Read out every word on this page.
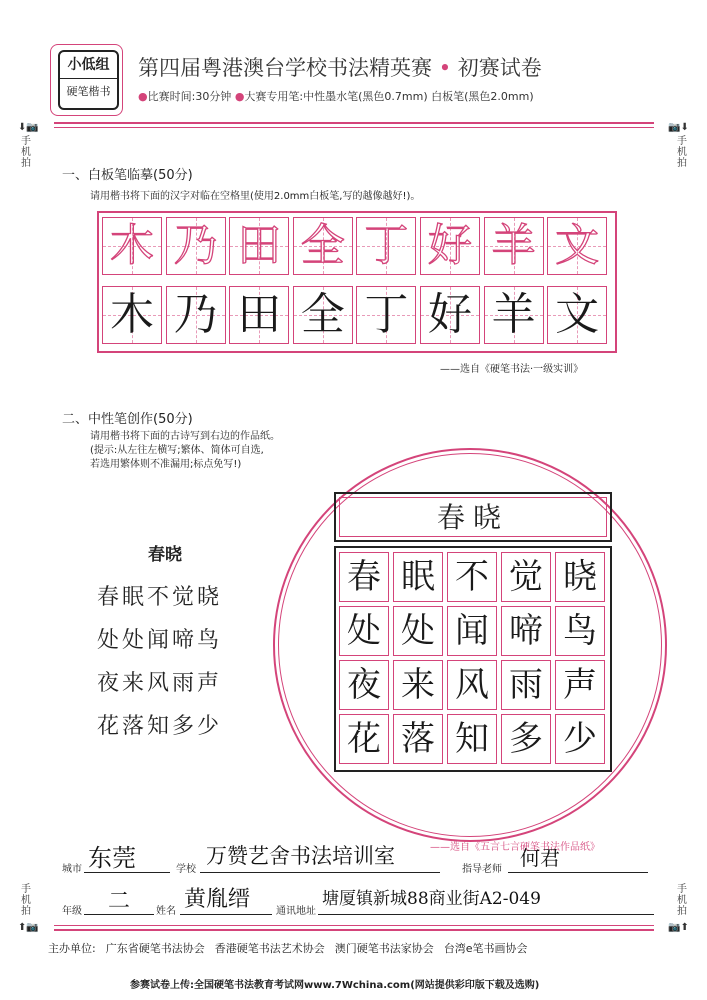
小低组
硬笔楷书
第四届粤港澳台学校书法精英赛 • 初赛试卷
●比赛时间:30分钟 ●大赛专用笔:中性墨水笔(黑色0.7mm) 白板笔(黑色2.0mm)
⬇📷
手机拍
📷⬇
手机拍
手机拍
⬆📷
手机拍
📷⬆
一、白板笔临摹(50分)
请用楷书将下面的汉字对临在空格里(使用2.0mm白板笔,写的越像越好!)。
木 乃 田 全 丁 好 羊 文
木 乃 田 全 丁 好 羊 文
——选自《硬笔书法·一级实训》
二、中性笔创作(50分)
请用楷书将下面的古诗写到右边的作品纸。
(提示:从左往左横写;繁体、简体可自选,
若选用繁体则不准漏用;标点免写!)
春晓
春眠不觉晓
处处闻啼鸟
夜来风雨声
花落知多少
春晓
春 眠 不 觉 晓
处 处 闻 啼 鸟
夜 来 风 雨 声
花 落 知 多 少
——选自《五言七言硬笔书法作品纸》
城市 东莞	学校
万赞艺舍书法培训室
指导老师 何君
年级 二	姓名 黄胤缙	通讯地址
塘厦镇新城88商业街A2-049
主办单位: 广东省硬笔书法协会 香港硬笔书法艺术协会 澳门硬笔书法家协会 台湾e笔书画协会
参赛试卷上传:全国硬笔书法教育考试网www.7Wchina.com(网站提供彩印版下载及选购)
